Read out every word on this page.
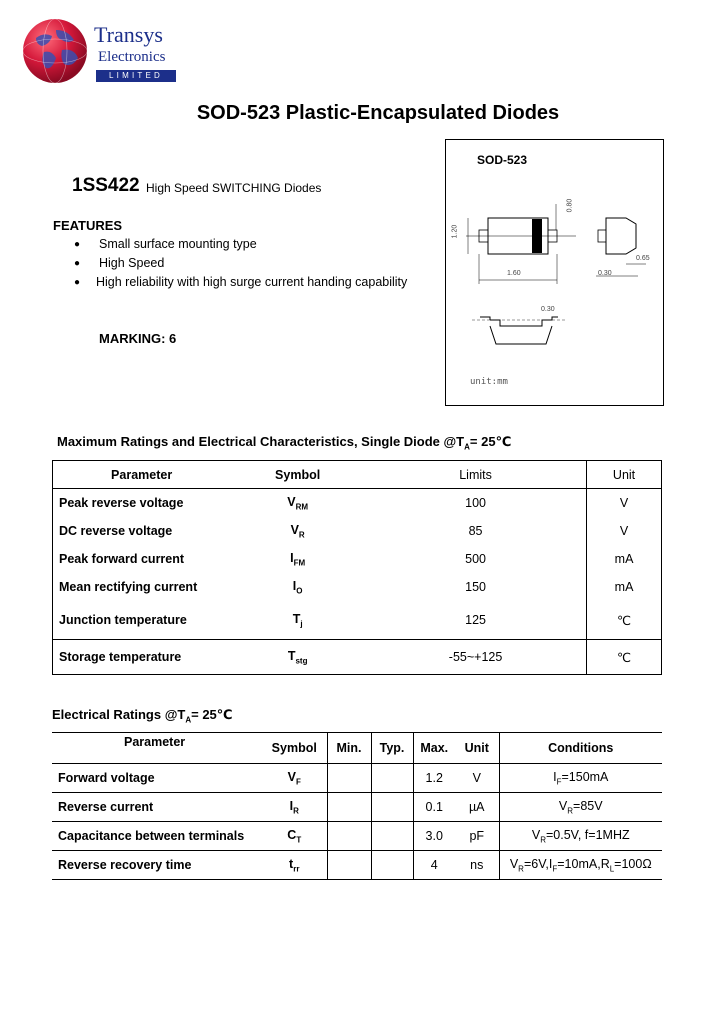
Transys
Electronics
LIMITED
SOD-523 Plastic-Encapsulated Diodes
1SS422 High Speed SWITCHING Diodes
FEATURES
● Small surface mounting type
● High Speed
● High reliability with high surge current handing capability
MARKING: 6
SOD-523
0.80
1.20
1.60	0.30
0.65
0.30
unit:mm
Maximum Ratings and Electrical Characteristics, Single Diode $@T_A=$ 25℃
Parameter	Symbol	Limits	Unit
Peak reverse voltage	$V_{RM}$	100	V
DC reverse voltage	$V_R$	85	V
Peak forward current	$I_{FM}$	500	mA
Mean rectifying current	$I_O$	150	mA
Junction temperature	$T_j$	125	℃
Storage temperature	$T_{stg}$	-55~+125	℃
Electrical Ratings $@T_A=$ 25℃
Parameter	Symbol	Min.	Typ.	Max.	Unit	Conditions
Forward voltage	$V_F$			1.2	V	$I_F=150mA$
Reverse current	$I_R$			0.1	µA	$V_R=85V$
Capacitance between terminals	$C_T$			3.0	pF	$V_R=0.5V$, f=1MHZ
Reverse recovery time	$t_{rr}$			4	ns	$V_R=6V,I_F=10mA,R_L=100\Omega$
